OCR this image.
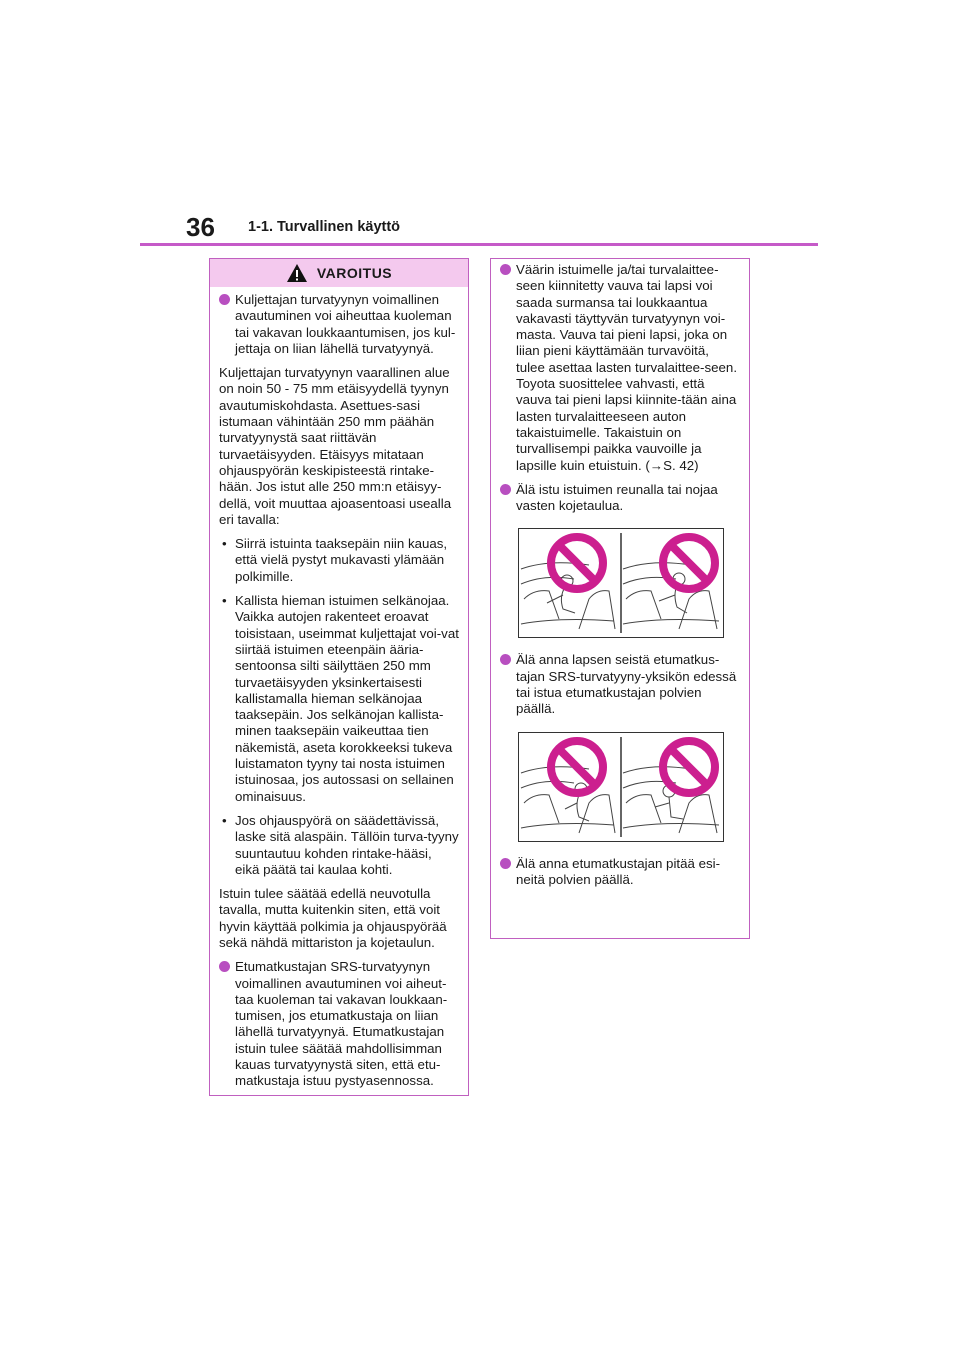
36 1-1. Turvallinen käyttö
VAROITUS
Kuljettajan turvatyynyn voimallinen avautuminen voi aiheuttaa kuoleman tai vakavan loukkaantumisen, jos kul-jettaja on liian lähellä turvatyynyä.
Kuljettajan turvatyynyn vaarallinen alue on noin 50 - 75 mm etäisyydellä tyynyn avautumiskohdasta. Asettues-sasi istumaan vähintään 250 mm päähän turvatyynystä saat riittävän turvaetäisyyden. Etäisyys mitataan ohjauspyörän keskipisteestä rintake-hään. Jos istut alle 250 mm:n etäisyy-dellä, voit muuttaa ajoasentoasi usealla eri tavalla:
• Siirrä istuinta taaksepäin niin kauas, että vielä pystyt mukavasti ylämään polkimille.
• Kallista hieman istuimen selkänojaa. Vaikka autojen rakenteet eroavat toisistaan, useimmat kuljettajat voi-vat siirtää istuimen eteenpäin ääria-sentoonsa silti säilyttäen 250 mm turvaetäisyyden yksinkertaisesti kallistamalla hieman selkänojaa taaksepäin. Jos selkänojan kallista-minen taaksepäin vaikeuttaa tien näkemistä, aseta korokkeeksi tukeva luistamaton tyyny tai nosta istuimen istuinosaa, jos autossasi on sellainen ominaisuus.
• Jos ohjauspyörä on säädettävissä, laske sitä alaspäin. Tällöin turva-tyyny suuntautuu kohden rintake-hääsi, eikä päätä tai kaulaa kohti.
Istuin tulee säätää edellä neuvotulla tavalla, mutta kuitenkin siten, että voit hyvin käyttää polkimia ja ohjauspyörää sekä nähdä mittariston ja kojetaulun.
Etumatkustajan SRS-turvatyynyn voimallinen avautuminen voi aiheut-taa kuoleman tai vakavan loukkaan-tumisen, jos etumatkustaja on liian lähellä turvatyynyä. Etumatkustajan istuin tulee säätää mahdollisimman kauas turvatyynystä siten, että etu-matkustaja istuu pystyasennossa.
Väärin istuimelle ja/tai turvalaittee-seen kiinnitetty vauva tai lapsi voi saada surmansa tai loukkaantua vakavasti täyttyvän turvatyynyn voi-masta. Vauva tai pieni lapsi, joka on liian pieni käyttämään turvavöitä, tulee asettaa lasten turvalaittee-seen. Toyota suosittelee vahvasti, että vauva tai pieni lapsi kiinnite-tään aina lasten turvalaitteeseen auton takaistuimelle. Takaistuin on turvallisempi paikka vauvoille ja lapsille kuin etuistuin. (→S. 42)
Älä istu istuimen reunalla tai nojaa vasten kojetaulua.
Älä anna lapsen seistä etumatkus-tajan SRS-turvatyyny-yksikön edessä tai istua etumatkustajan polvien päällä.
Älä anna etumatkustajan pitää esi-neitä polvien päällä.
